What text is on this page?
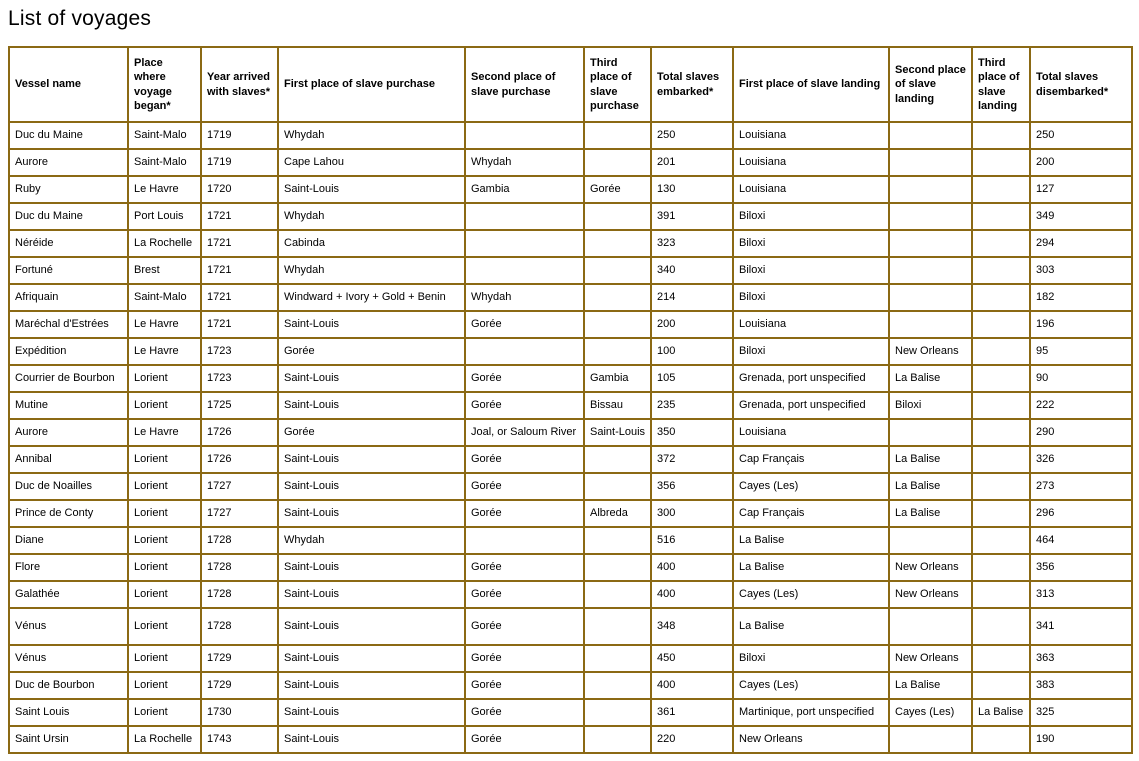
List of voyages
Vessel name	Place where voyage began*	Year arrived with slaves*	First place of slave purchase	Second place of slave purchase	Third place of slave purchase	Total slaves embarked*	First place of slave landing	Second place of slave landing	Third place of slave landing	Total slaves disembarked*
Duc du Maine	Saint-Malo	1719	Whydah			250	Louisiana			250
Aurore	Saint-Malo	1719	Cape Lahou	Whydah		201	Louisiana			200
Ruby	Le Havre	1720	Saint-Louis	Gambia	Gorée	130	Louisiana			127
Duc du Maine	Port Louis	1721	Whydah			391	Biloxi			349
Néréide	La Rochelle	1721	Cabinda			323	Biloxi			294
Fortuné	Brest	1721	Whydah			340	Biloxi			303
Afriquain	Saint-Malo	1721	Windward + Ivory + Gold + Benin	Whydah		214	Biloxi			182
Maréchal d'Estrées	Le Havre	1721	Saint-Louis	Gorée		200	Louisiana			196
Expédition	Le Havre	1723	Gorée			100	Biloxi	New Orleans		95
Courrier de Bourbon	Lorient	1723	Saint-Louis	Gorée	Gambia	105	Grenada, port unspecified	La Balise		90
Mutine	Lorient	1725	Saint-Louis	Gorée	Bissau	235	Grenada, port unspecified	Biloxi		222
Aurore	Le Havre	1726	Gorée	Joal, or Saloum River	Saint-Louis	350	Louisiana			290
Annibal	Lorient	1726	Saint-Louis	Gorée		372	Cap Français	La Balise		326
Duc de Noailles	Lorient	1727	Saint-Louis	Gorée		356	Cayes (Les)	La Balise		273
Prince de Conty	Lorient	1727	Saint-Louis	Gorée	Albreda	300	Cap Français	La Balise		296
Diane	Lorient	1728	Whydah			516	La Balise			464
Flore	Lorient	1728	Saint-Louis	Gorée		400	La Balise	New Orleans		356
Galathée	Lorient	1728	Saint-Louis	Gorée		400	Cayes (Les)	New Orleans		313
Vénus	Lorient	1728	Saint-Louis	Gorée		348	La Balise			341
Vénus	Lorient	1729	Saint-Louis	Gorée		450	Biloxi	New Orleans		363
Duc de Bourbon	Lorient	1729	Saint-Louis	Gorée		400	Cayes (Les)	La Balise		383
Saint Louis	Lorient	1730	Saint-Louis	Gorée		361	Martinique, port unspecified	Cayes (Les)	La Balise	325
Saint Ursin	La Rochelle	1743	Saint-Louis	Gorée		220	New Orleans			190
